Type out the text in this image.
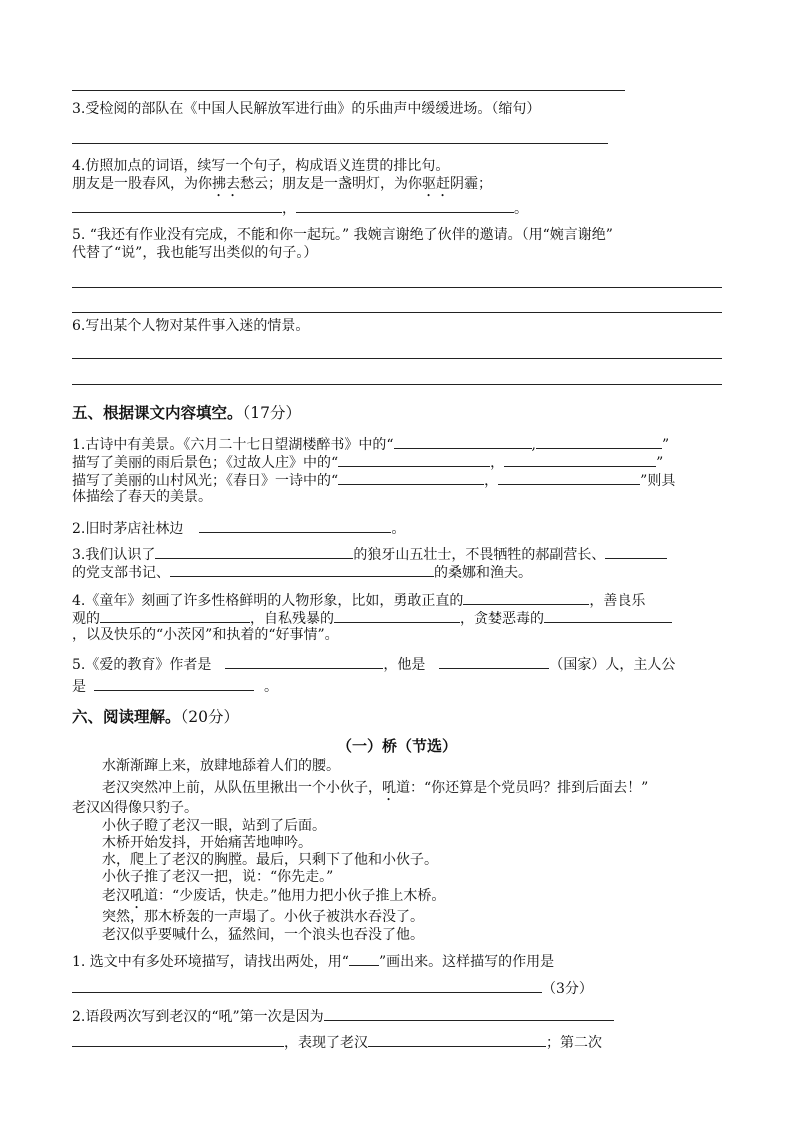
3.受检阅的部队在《中国人民解放军进行曲》的乐曲声中缓缓进场。（缩句）
4.仿照加点的词语，续写一个句子，构成语义连贯的排比句。
朋友是一股春风，为你拂去愁云；朋友是一盏明灯，为你驱赶阴霾；
，	。
5. “我还有作业没有完成，不能和你一起玩。” 我婉言谢绝了伙伴的邀请。（用“婉言谢绝”
代替了“说”，我也能写出类似的句子。）
6.写出某个人物对某件事入迷的情景。
五、根据课文内容填空。（17分）
1.古诗中有美景。《六月二十七日望湖楼醉书》中的“	,	”
描写了美丽的雨后景色；《过故人庄》中的“	，	”
描写了美丽的山村风光；《春日》一诗中的“	，	”则具
体描绘了春天的美景。
2.旧时茅店社林边	。
3.我们认识了	的狼牙山五壮士，不畏牺牲的郝副营长、
的党支部书记、	的桑娜和渔夫。
4.《童年》刻画了许多性格鲜明的人物形象，比如，勇敢正直的	，善良乐
观的	，自私残暴的	，贪婪恶毒的
，以及快乐的“小茨冈”和执着的“好事情”。
5.《爱的教育》作者是	，他是	（国家）人，主人公
是	。
六、阅读理解。（20分）
（一）桥（节选）
水渐渐蹿上来，放肆地舔着人们的腰。
老汉突然冲上前，从队伍里揪出一个小伙子，吼道：“你还算是个党员吗？排到后面去！”
老汉凶得像只豹子。
小伙子瞪了老汉一眼，站到了后面。
木桥开始发抖，开始痛苦地呻吟。
水，爬上了老汉的胸膛。最后，只剩下了他和小伙子。
小伙子推了老汉一把，说：“你先走。”
老汉吼道：“少废话，快走。”他用力把小伙子推上木桥。
突然，那木桥轰的一声塌了。小伙子被洪水吞没了。
老汉似乎要喊什么，猛然间，一个浪头也吞没了他。
1. 选文中有多处环境描写，请找出两处，用“ ”画出来。这样描写的作用是
（3分）
2.语段两次写到老汉的“吼”第一次是因为
，表现了老汉	；第二次
